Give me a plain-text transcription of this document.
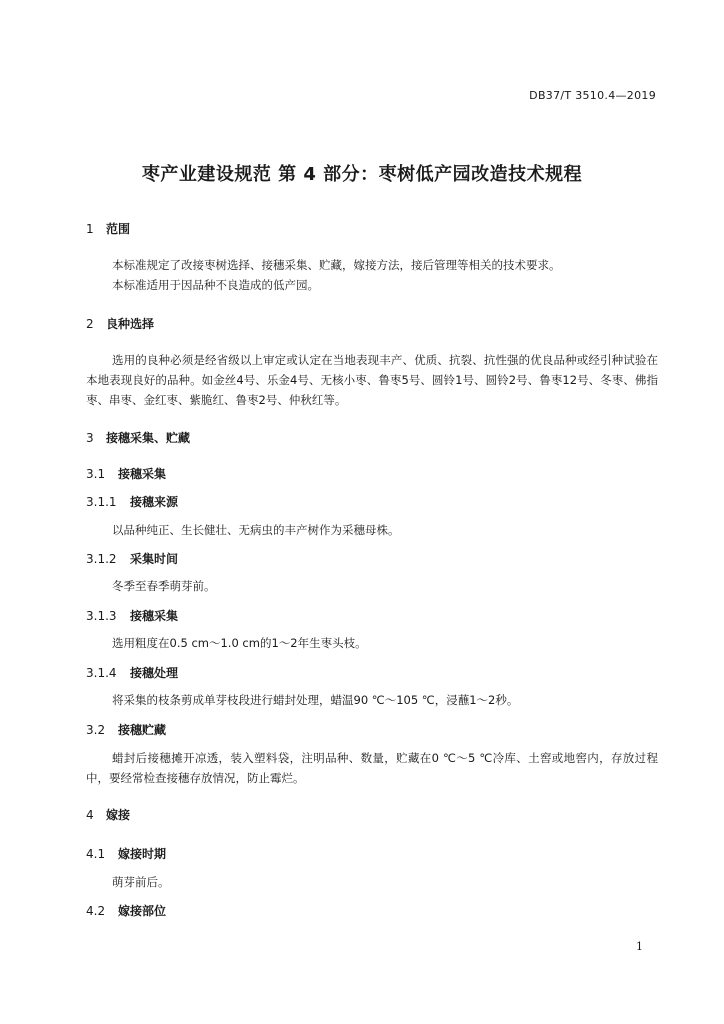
DB37/T 3510.4—2019
枣产业建设规范 第 4 部分：枣树低产园改造技术规程
1 范围
本标准规定了改接枣树选择、接穗采集、贮藏，嫁接方法，接后管理等相关的技术要求。
本标准适用于因品种不良造成的低产园。
2 良种选择
选用的良种必须是经省级以上审定或认定在当地表现丰产、优质、抗裂、抗性强的优良品种或经引种试验在本地表现良好的品种。如金丝4号、乐金4号、无核小枣、鲁枣5号、圆铃1号、圆铃2号、鲁枣12号、冬枣、佛指枣、串枣、金红枣、紫脆红、鲁枣2号、仲秋红等。
3 接穗采集、贮藏
3.1 接穗采集
3.1.1 接穗来源
以品种纯正、生长健壮、无病虫的丰产树作为采穗母株。
3.1.2 采集时间
冬季至春季萌芽前。
3.1.3 接穗采集
选用粗度在0.5 cm～1.0 cm的1～2年生枣头枝。
3.1.4 接穗处理
将采集的枝条剪成单芽枝段进行蜡封处理，蜡温90 ℃～105 ℃，浸蘸1～2秒。
3.2 接穗贮藏
蜡封后接穗摊开凉透，装入塑料袋，注明品种、数量，贮藏在0 ℃～5 ℃冷库、土窖或地窖内，存放过程中，要经常检查接穗存放情况，防止霉烂。
4 嫁接
4.1 嫁接时期
萌芽前后。
4.2 嫁接部位
1
